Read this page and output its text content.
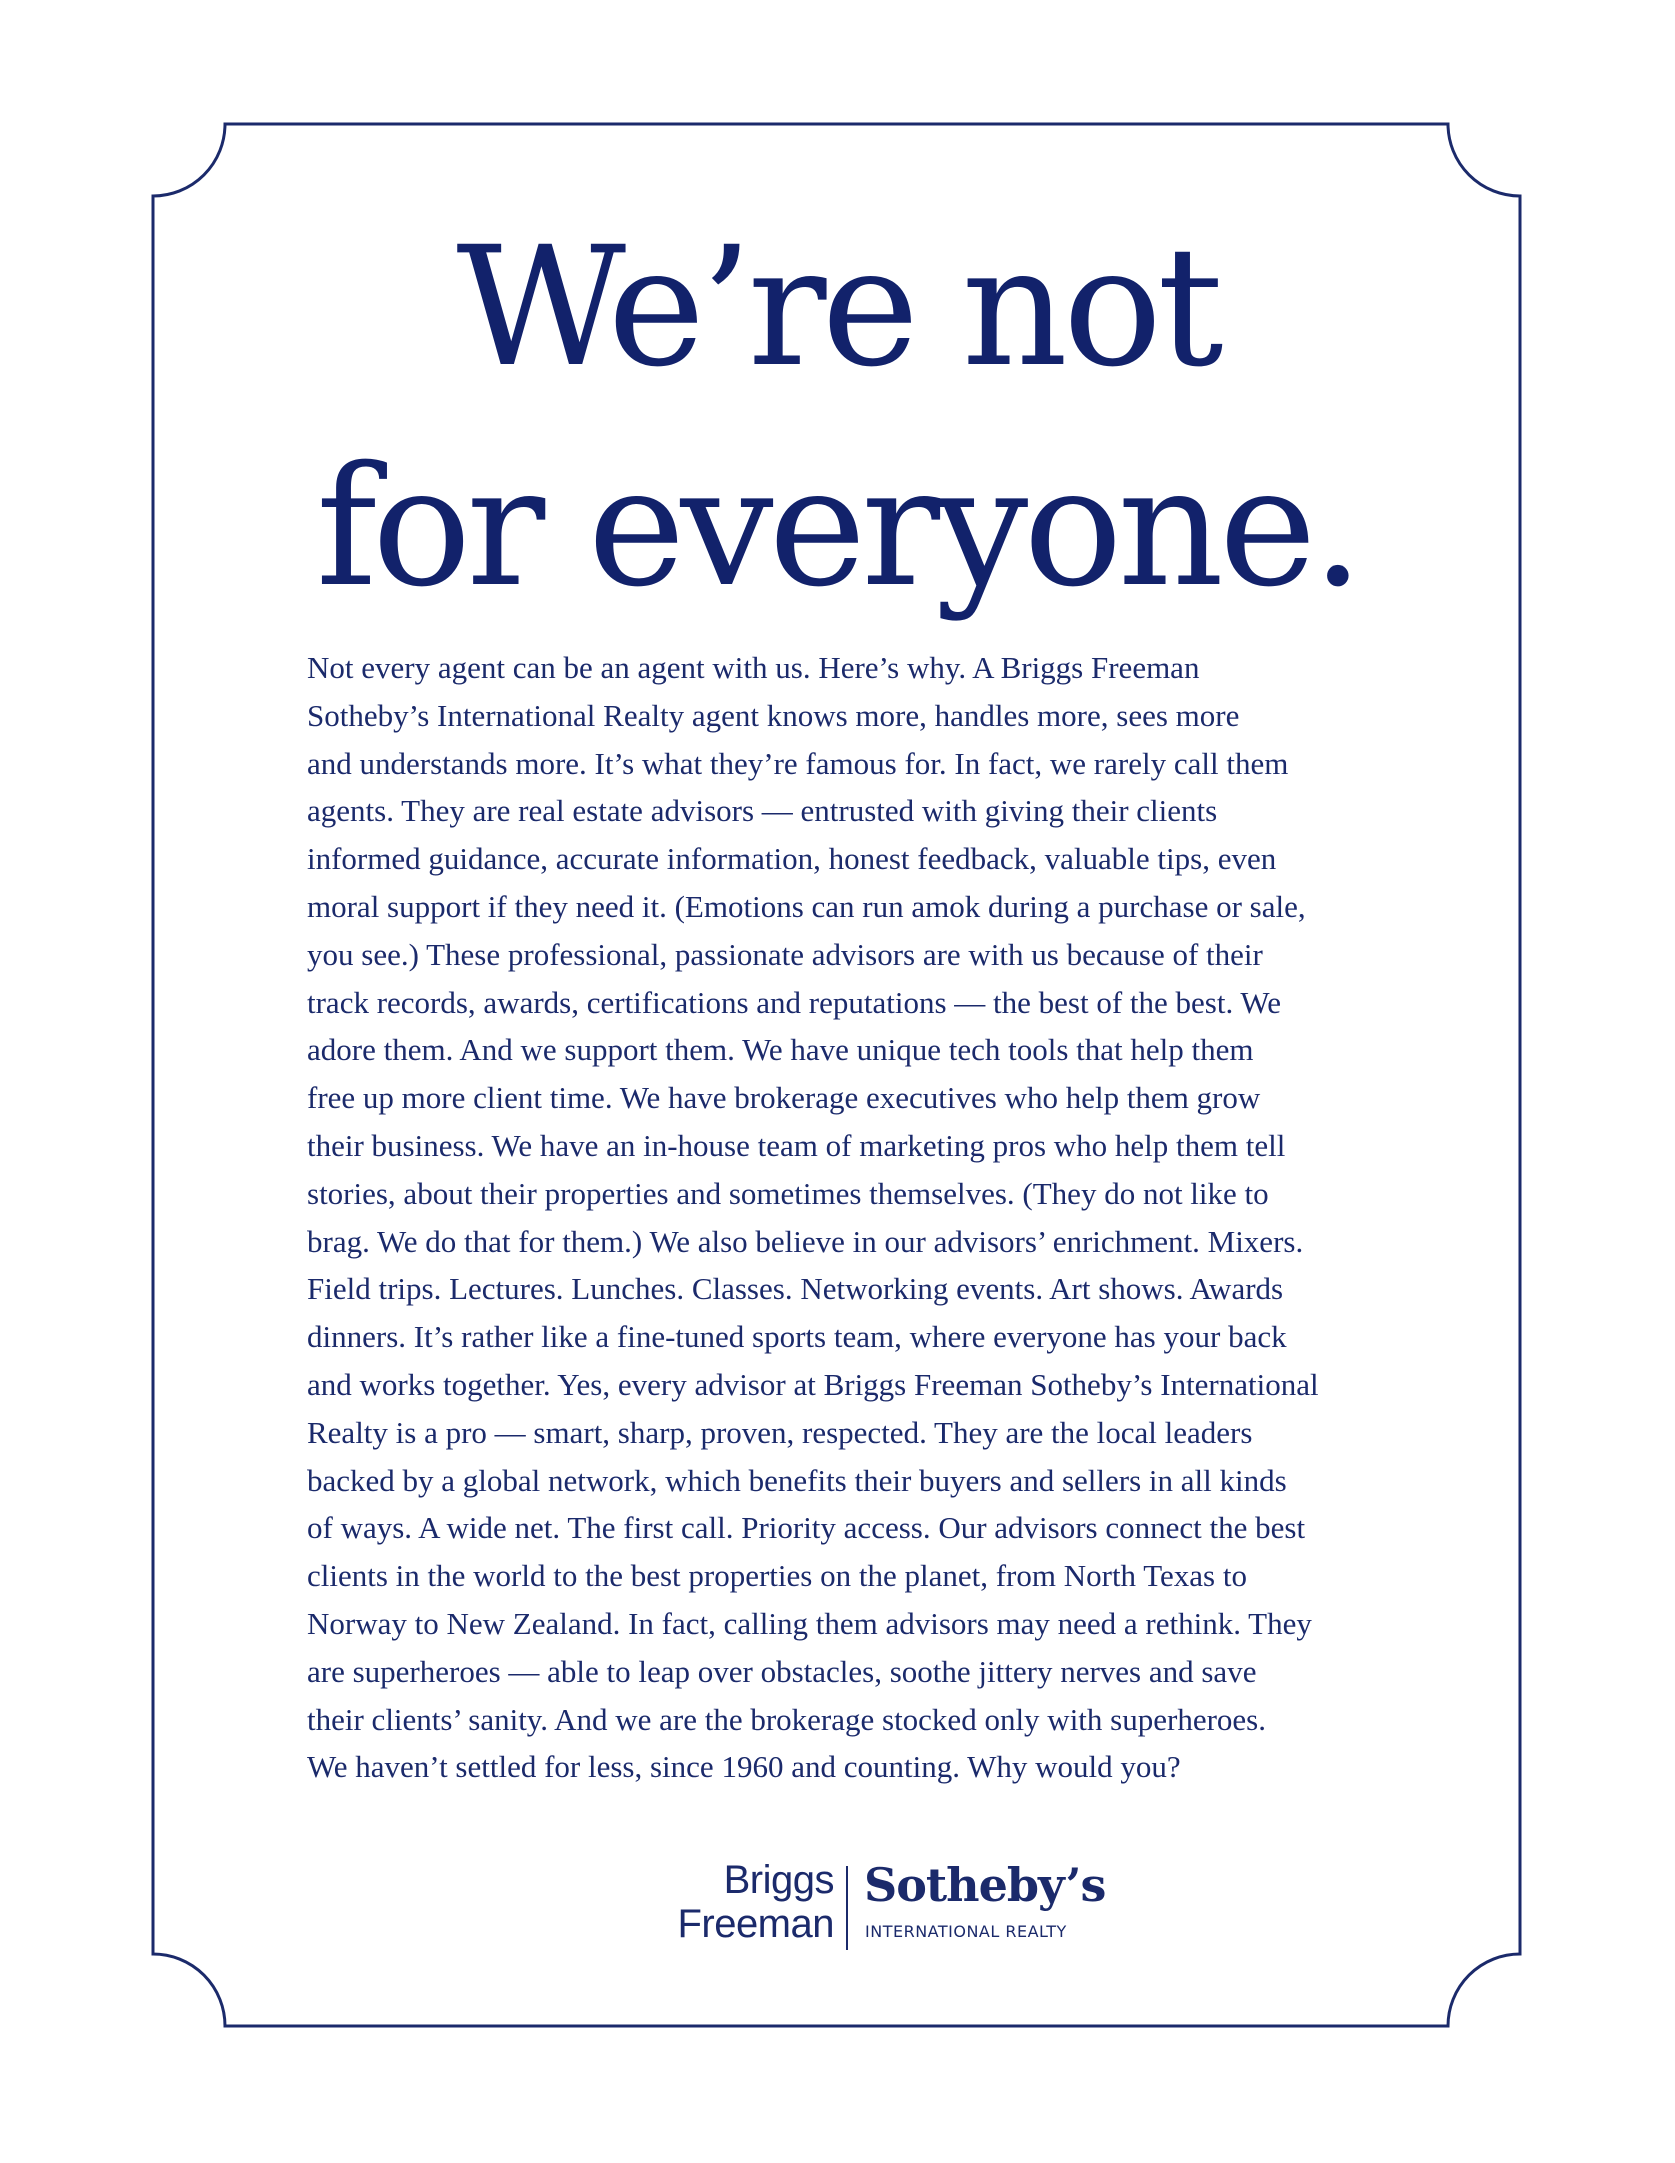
We’re not
for everyone.

Not every agent can be an agent with us. Here’s why. A Briggs Freeman
Sotheby’s International Realty agent knows more, handles more, sees more
and understands more. It’s what they’re famous for. In fact, we rarely call them
agents. They are real estate advisors — entrusted with giving their clients
informed guidance, accurate information, honest feedback, valuable tips, even
moral support if they need it. (Emotions can run amok during a purchase or sale,
you see.) These professional, passionate advisors are with us because of their
track records, awards, certifications and reputations — the best of the best. We
adore them. And we support them. We have unique tech tools that help them
free up more client time. We have brokerage executives who help them grow
their business. We have an in-house team of marketing pros who help them tell
stories, about their properties and sometimes themselves. (They do not like to
brag. We do that for them.) We also believe in our advisors’ enrichment. Mixers.
Field trips. Lectures. Lunches. Classes. Networking events. Art shows. Awards
dinners. It’s rather like a fine-tuned sports team, where everyone has your back
and works together. Yes, every advisor at Briggs Freeman Sotheby’s International
Realty is a pro — smart, sharp, proven, respected. They are the local leaders
backed by a global network, which benefits their buyers and sellers in all kinds
of ways. A wide net. The first call. Priority access. Our advisors connect the best
clients in the world to the best properties on the planet, from North Texas to
Norway to New Zealand. In fact, calling them advisors may need a rethink. They
are superheroes — able to leap over obstacles, soothe jittery nerves and save
their clients’ sanity. And we are the brokerage stocked only with superheroes.
We haven’t settled for less, since 1960 and counting. Why would you?

Briggs
Freeman
Sotheby’s
INTERNATIONAL REALTY
